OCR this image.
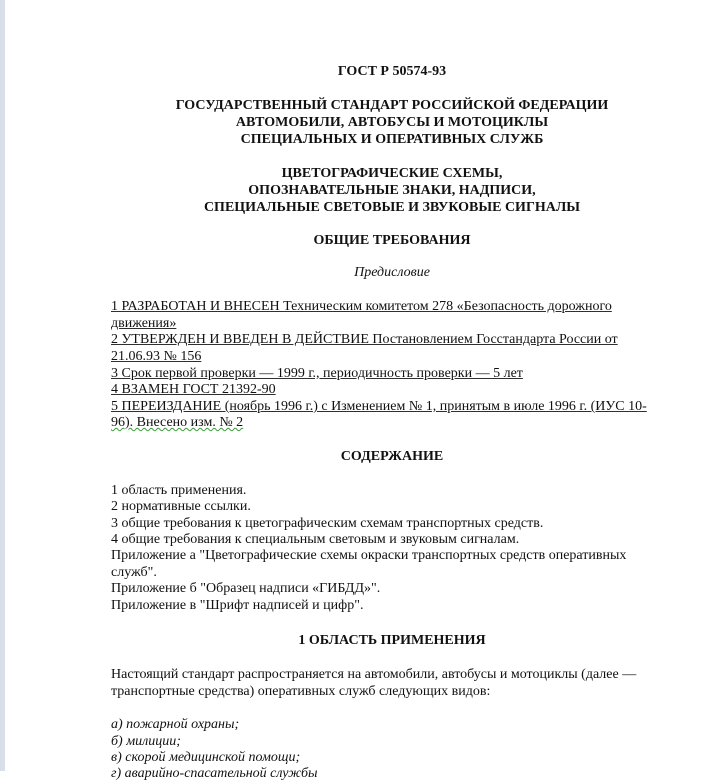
ГОСТ Р 50574-93
ГОСУДАРСТВЕННЫЙ СТАНДАРТ РОССИЙСКОЙ ФЕДЕРАЦИИ
АВТОМОБИЛИ, АВТОБУСЫ И МОТОЦИКЛЫ
СПЕЦИАЛЬНЫХ И ОПЕРАТИВНЫХ СЛУЖБ
ЦВЕТОГРАФИЧЕСКИЕ СХЕМЫ,
ОПОЗНАВАТЕЛЬНЫЕ ЗНАКИ, НАДПИСИ,
СПЕЦИАЛЬНЫЕ СВЕТОВЫЕ И ЗВУКОВЫЕ СИГНАЛЫ
ОБЩИЕ ТРЕБОВАНИЯ
Предисловие
1 РАЗРАБОТАН И ВНЕСЕН Техническим комитетом 278 «Безопасность дорожного
движения»
2 УТВЕРЖДЕН И ВВЕДЕН В ДЕЙСТВИЕ Постановлением Госстандарта России от
21.06.93 № 156
3 Срок первой проверки — 1999 г., периодичность проверки — 5 лет
4 ВЗАМЕН ГОСТ 21392-90
5 ПЕРЕИЗДАНИЕ (ноябрь 1996 г.) с Изменением № 1, принятым в июле 1996 г. (ИУС 10-
96). Внесено изм. № 2
СОДЕРЖАНИЕ
1 область применения.
2 нормативные ссылки.
3 общие требования к цветографическим схемам транспортных средств.
4 общие требования к специальным световым и звуковым сигналам.
Приложение а "Цветографические схемы окраски транспортных средств оперативных
служб".
Приложение б "Образец надписи «ГИБДД»".
Приложение в "Шрифт надписей и цифр".
1 ОБЛАСТЬ ПРИМЕНЕНИЯ
Настоящий стандарт распространяется на автомобили, автобусы и мотоциклы (далее —
транспортные средства) оперативных служб следующих видов:
а) пожарной охраны;
б) милиции;
в) скорой медицинской помощи;
г) аварийно-спасательной службы
